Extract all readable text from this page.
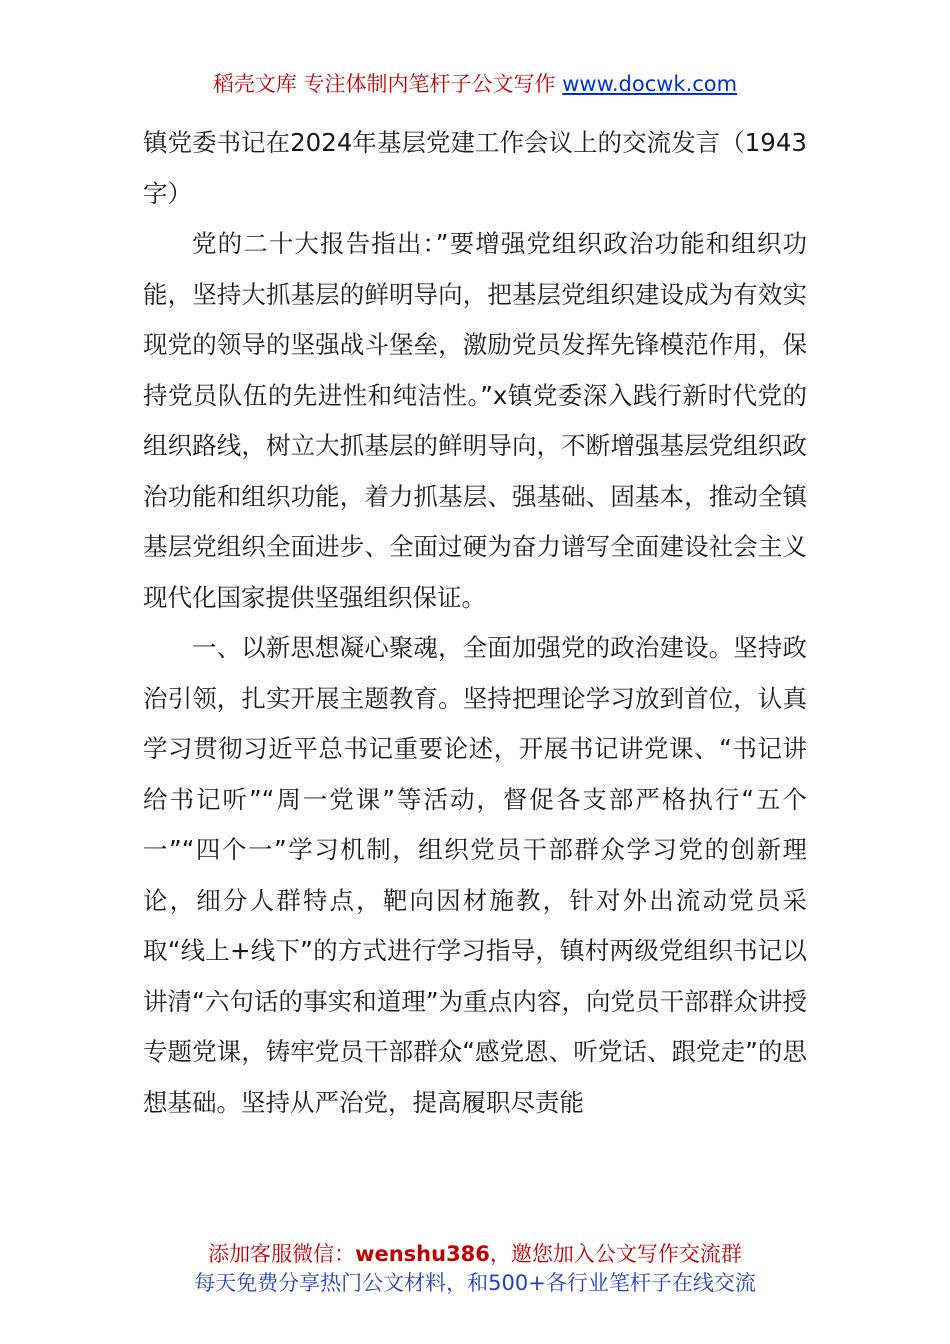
稻壳文库 专注体制内笔杆子公文写作 www.docwk.com

镇党委书记在2024年基层党建工作会议上的交流发言（1943字）

党的二十大报告指出：”要增强党组织政治功能和组织功能，坚持大抓基层的鲜明导向，把基层党组织建设成为有效实现党的领导的坚强战斗堡垒，激励党员发挥先锋模范作用，保持党员队伍的先进性和纯洁性。”x镇党委深入践行新时代党的组织路线，树立大抓基层的鲜明导向，不断增强基层党组织政治功能和组织功能，着力抓基层、强基础、固基本，推动全镇基层党组织全面进步、全面过硬为奋力谱写全面建设社会主义现代化国家提供坚强组织保证。

一、以新思想凝心聚魂，全面加强党的政治建设。坚持政治引领，扎实开展主题教育。坚持把理论学习放到首位，认真学习贯彻习近平总书记重要论述，开展书记讲党课、“书记讲给书记听”“周一党课”等活动，督促各支部严格执行“五个一”“四个一”学习机制，组织党员干部群众学习党的创新理论，细分人群特点，靶向因材施教，针对外出流动党员采取“线上+线下”的方式进行学习指导，镇村两级党组织书记以讲清“六句话的事实和道理”为重点内容，向党员干部群众讲授专题党课，铸牢党员干部群众“感党恩、听党话、跟党走”的思想基础。坚持从严治党，提高履职尽责能

添加客服微信：wenshu386，邀您加入公文写作交流群
每天免费分享热门公文材料，和500+各行业笔杆子在线交流
